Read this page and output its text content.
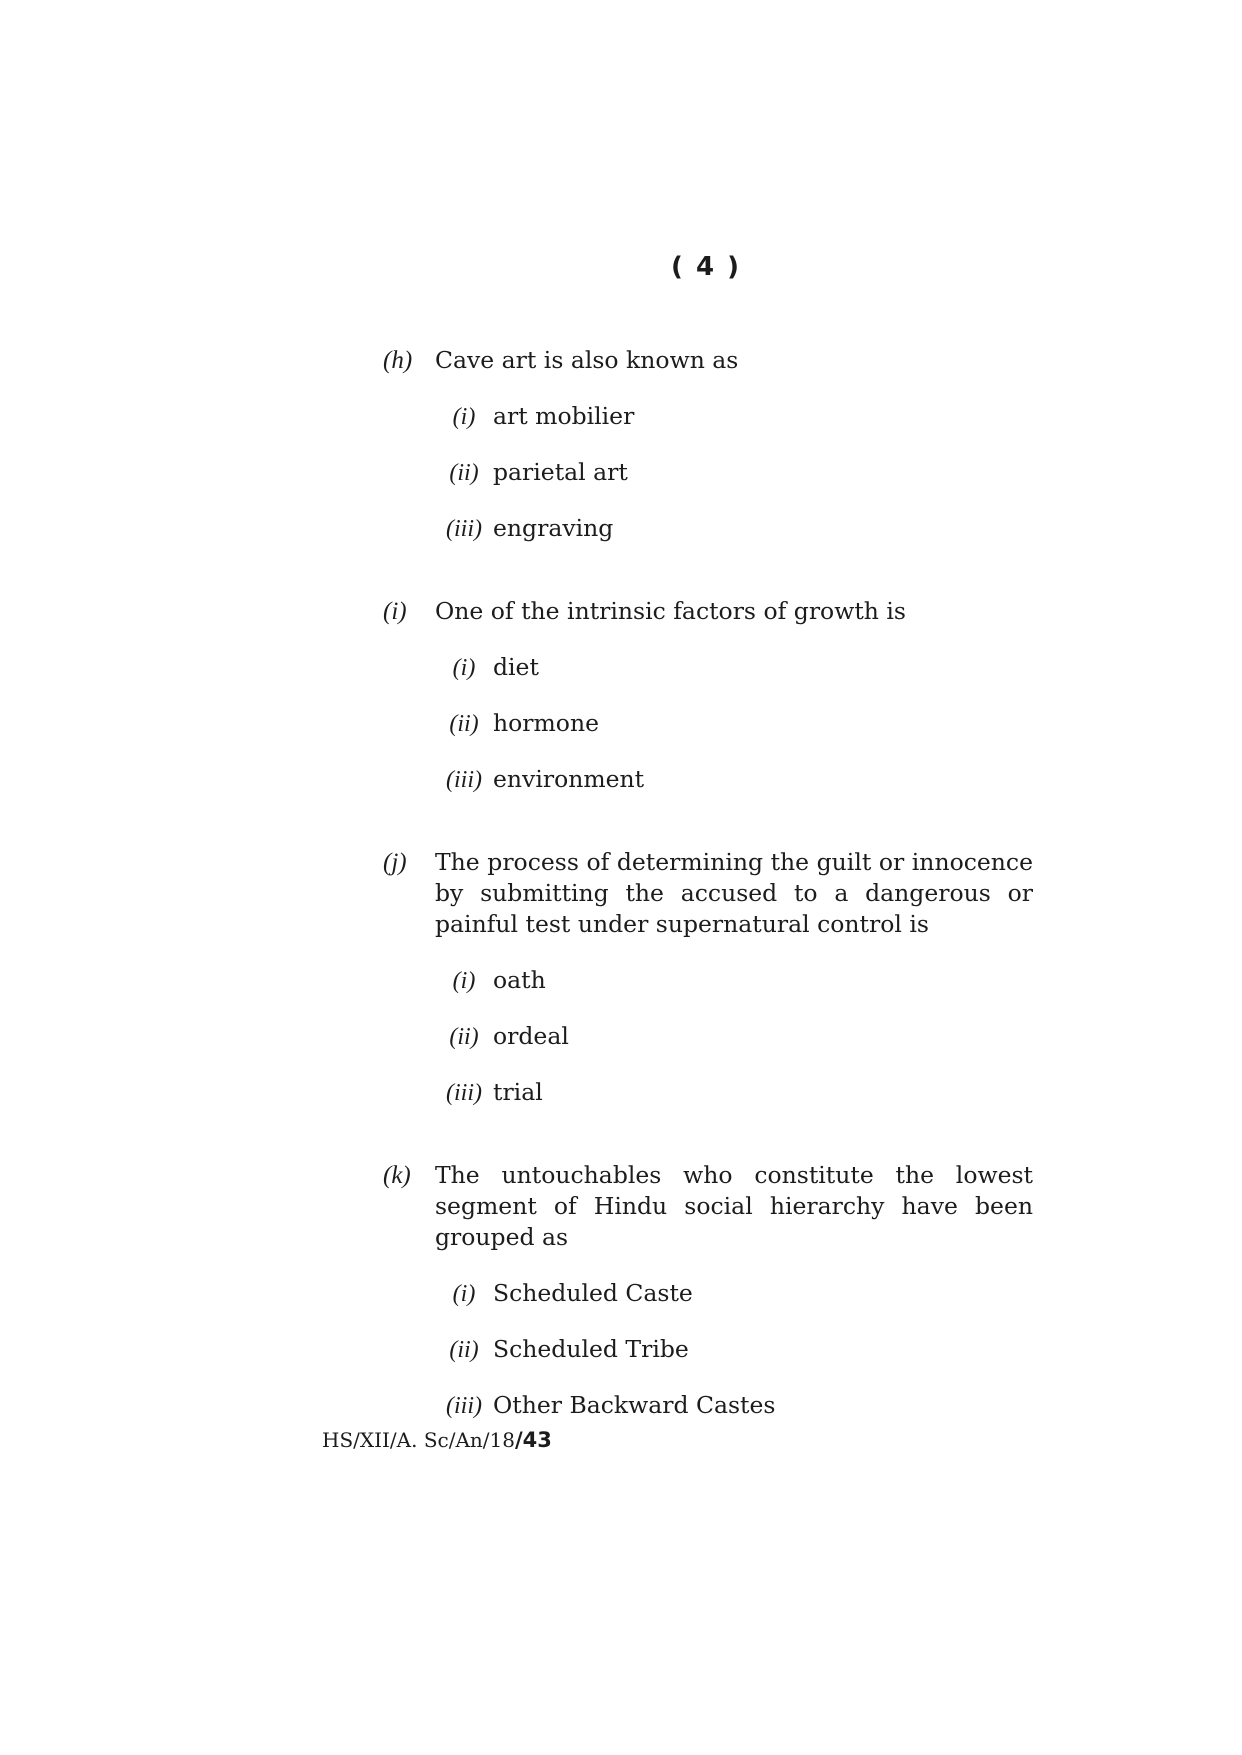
( 4 )
(h) Cave art is also known as
(i) art mobilier
(ii) parietal art
(iii) engraving
(i)	One of the intrinsic factors of growth is
(i) diet
(ii) hormone
(iii) environment
(j)	The process of determining the guilt or innocence by submitting the accused to a dangerous or painful test under supernatural control is
(i) oath
(ii) ordeal
(iii) trial
(k)	The untouchables who constitute the lowest segment of Hindu social hierarchy have been grouped as
(i) Scheduled Caste
(ii) Scheduled Tribe
(iii) Other Backward Castes
HS/XII/A. Sc/An/18/43
